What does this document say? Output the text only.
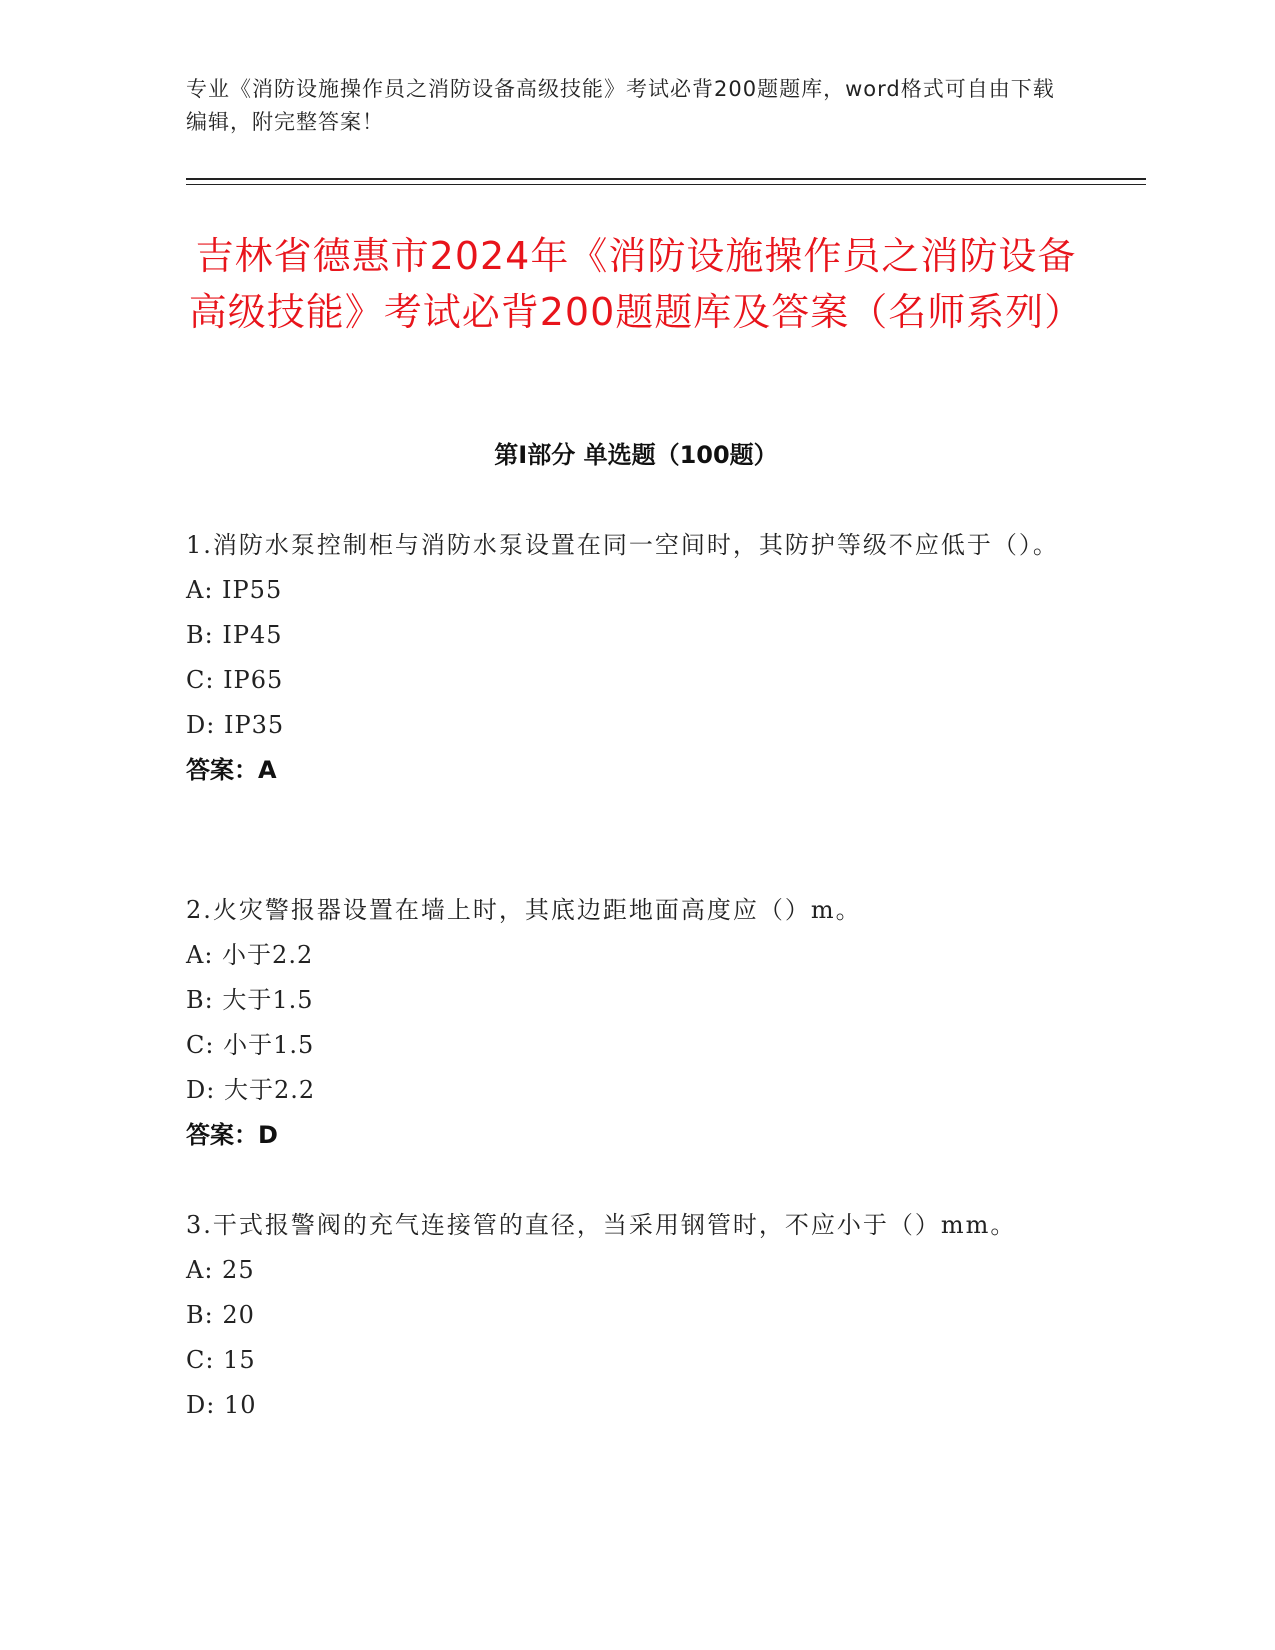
专业《消防设施操作员之消防设备高级技能》考试必背200题题库，word格式可自由下载编辑，附完整答案！
吉林省德惠市2024年《消防设施操作员之消防设备高级技能》考试必背200题题库及答案（名师系列）
第Ⅰ部分 单选题（100题）

1.消防水泵控制柜与消防水泵设置在同一空间时，其防护等级不应低于（）。

A: IP55

B: IP45

C: IP65

D: IP35

答案：A

2.火灾警报器设置在墙上时，其底边距地面高度应（）m。

A: 小于2.2

B: 大于1.5

C: 小于1.5

D: 大于2.2

答案：D

3.干式报警阀的充气连接管的直径，当采用钢管时，不应小于（）mm。

A: 25

B: 20

C: 15

D: 10
